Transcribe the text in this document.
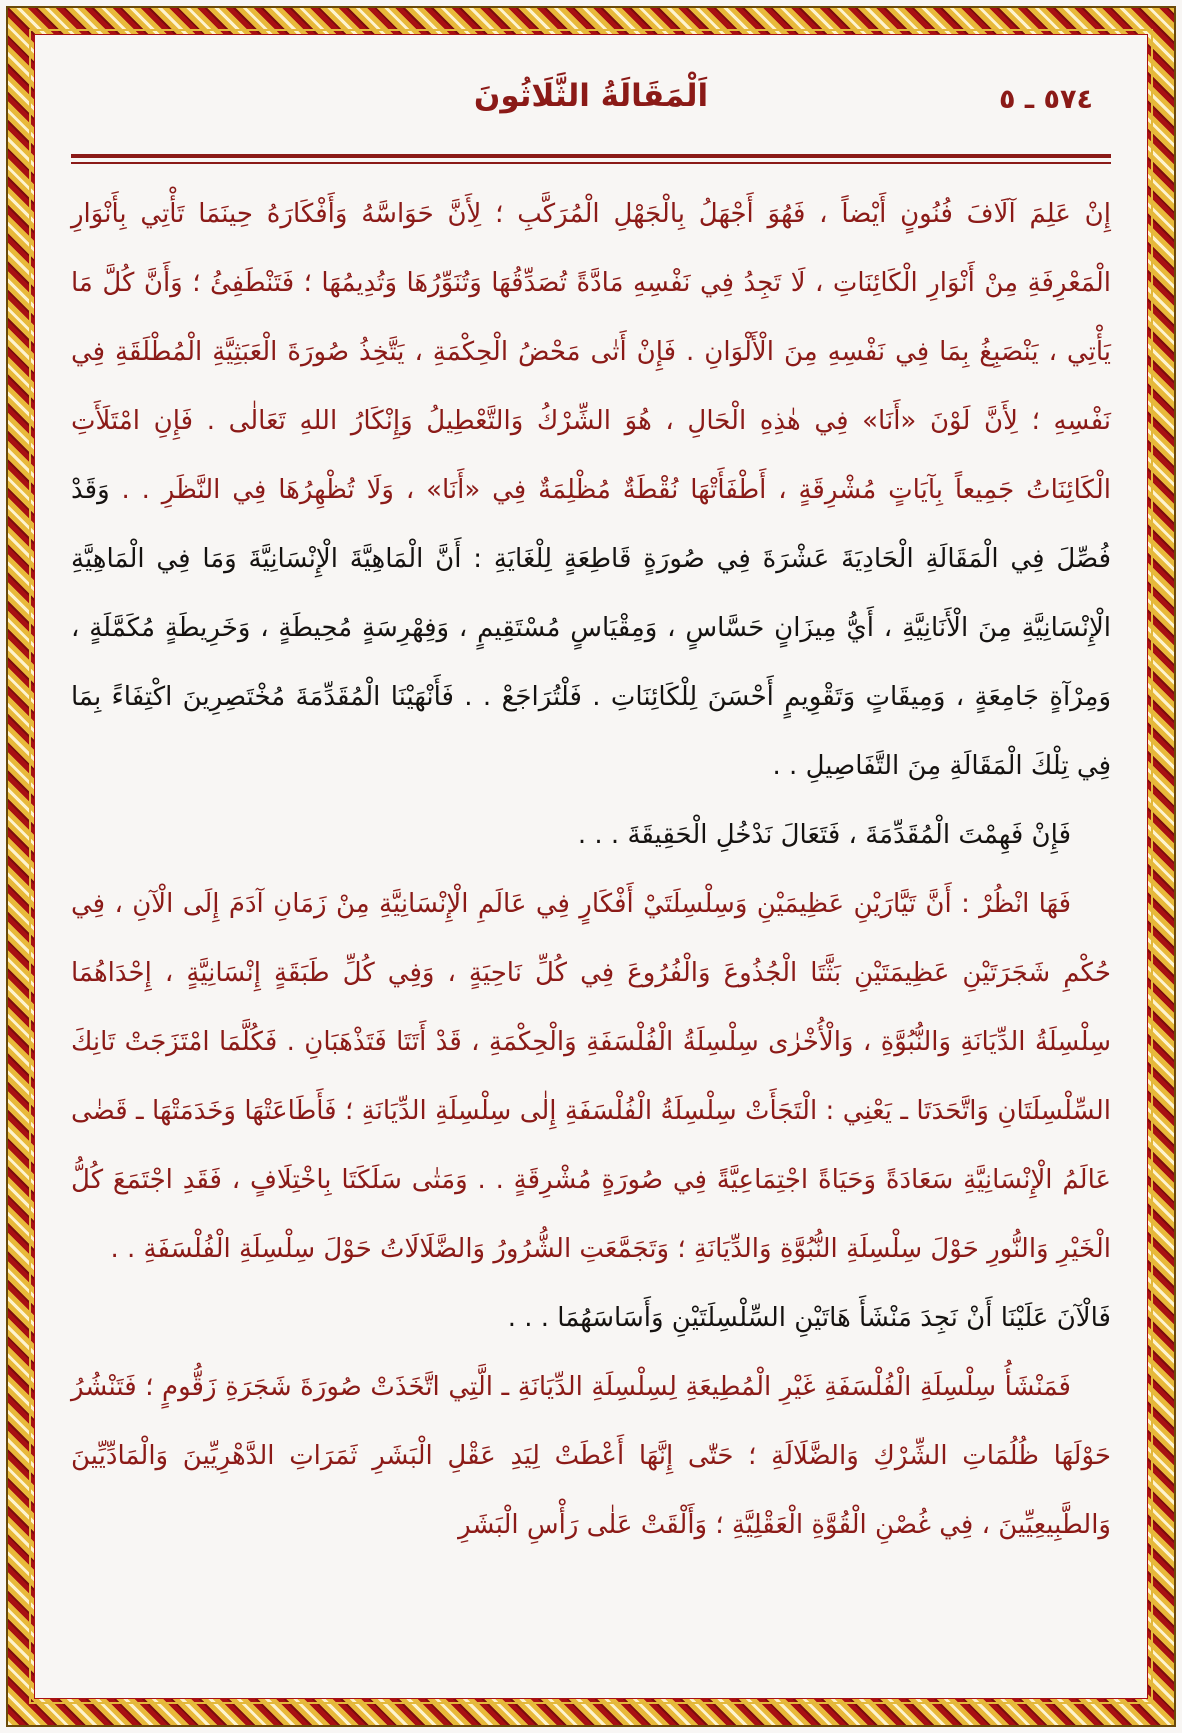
٥٧٤ ـ ٥
اَلْمَقَالَةُ الثَّلَاثُونَ

إِنْ عَلِمَ آلَافَ فُنُونٍ أَيْضاً ، فَهُوَ أَجْهَلُ بِالْجَهْلِ الْمُرَكَّبِ ؛ لِأَنَّ حَوَاسَّهُ وَأَفْكَارَهُ حِينَمَا تَأْتِي بِأَنْوَارِ الْمَعْرِفَةِ مِنْ أَنْوَارِ الْكَائِنَاتِ ، لَا تَجِدُ فِي نَفْسِهِ مَادَّةً تُصَدِّقُهَا وَتُنَوِّرُهَا وَتُدِيمُهَا ؛ فَتَنْطَفِئُ ؛ وَأَنَّ كُلَّ مَا يَأْتِي ، يَنْصَبِغُ بِمَا فِي نَفْسِهِ مِنَ الْأَلْوَانِ . فَإِنْ أَتٰى مَحْضُ الْحِكْمَةِ ، يَتَّخِذُ صُورَةَ الْعَبَثِيَّةِ الْمُطْلَقَةِ فِي نَفْسِهِ ؛ لِأَنَّ لَوْنَ «أَنَا» فِي هٰذِهِ الْحَالِ ، هُوَ الشِّرْكُ وَالتَّعْطِيلُ وَإِنْكَارُ اللهِ تَعَالٰى . فَإِنِ امْتَلَأَتِ الْكَائِنَاتُ جَمِيعاً بِآيَاتٍ مُشْرِقَةٍ ، أَطْفَأَتْهَا نُقْطَةٌ مُظْلِمَةٌ فِي «أَنَا» ، وَلَا تُظْهِرُهَا فِي النَّظَرِ . . وَقَدْ فُصِّلَ فِي الْمَقَالَةِ الْحَادِيَةَ عَشْرَةَ فِي صُورَةٍ قَاطِعَةٍ لِلْغَايَةِ : أَنَّ الْمَاهِيَّةَ الْإِنْسَانِيَّةَ وَمَا فِي الْمَاهِيَّةِ الْإِنْسَانِيَّةِ مِنَ الْأَنَانِيَّةِ ، أَيُّ مِيزَانٍ حَسَّاسٍ ، وَمِقْيَاسٍ مُسْتَقِيمٍ ، وَفِهْرِسَةٍ مُحِيطَةٍ ، وَخَرِيطَةٍ مُكَمَّلَةٍ ، وَمِرْآةٍ جَامِعَةٍ ، وَمِيقَاتٍ وَتَقْوِيمٍ أَحْسَنَ لِلْكَائِنَاتِ . فَلْتُرَاجَعْ . . فَأَنْهَيْنَا الْمُقَدِّمَةَ مُخْتَصِرِينَ اكْتِفَاءً بِمَا فِي تِلْكَ الْمَقَالَةِ مِنَ التَّفَاصِيلِ . .

فَإِنْ فَهِمْتَ الْمُقَدِّمَةَ ، فَتَعَالَ نَدْخُلِ الْحَقِيقَةَ . . .

فَهَا انْظُرْ : أَنَّ تَيَّارَيْنِ عَظِيمَيْنِ وَسِلْسِلَتَيْ أَفْكَارٍ فِي عَالَمِ الْإِنْسَانِيَّةِ مِنْ زَمَانِ آدَمَ إِلَى الْآنِ ، فِي حُكْمِ شَجَرَتَيْنِ عَظِيمَتَيْنِ بَثَّتَا الْجُذُوعَ وَالْفُرُوعَ فِي كُلِّ نَاحِيَةٍ ، وَفِي كُلِّ طَبَقَةٍ إِنْسَانِيَّةٍ ، إِحْدَاهُمَا سِلْسِلَةُ الدِّيَانَةِ وَالنُّبُوَّةِ ، وَالْأُخْرٰى سِلْسِلَةُ الْفُلْسَفَةِ وَالْحِكْمَةِ ، قَدْ أَتَتَا فَتَذْهَبَانِ . فَكُلَّمَا امْتَزَجَتْ تَانِكَ السِّلْسِلَتَانِ وَاتَّحَدَتَا ـ يَعْنِي : الْتَجَأَتْ سِلْسِلَةُ الْفُلْسَفَةِ إِلٰى سِلْسِلَةِ الدِّيَانَةِ ؛ فَأَطَاعَتْهَا وَخَدَمَتْهَا ـ قَضٰى عَالَمُ الْإِنْسَانِيَّةِ سَعَادَةً وَحَيَاةً اجْتِمَاعِيَّةً فِي صُورَةٍ مُشْرِقَةٍ . . وَمَتٰى سَلَكَتَا بِاخْتِلَافٍ ، فَقَدِ اجْتَمَعَ كُلُّ الْخَيْرِ وَالنُّورِ حَوْلَ سِلْسِلَةِ النُّبُوَّةِ وَالدِّيَانَةِ ؛ وَتَجَمَّعَتِ الشُّرُورُ وَالضَّلَالَاتُ حَوْلَ سِلْسِلَةِ الْفُلْسَفَةِ . .

فَالْآنَ عَلَيْنَا أَنْ نَجِدَ مَنْشَأَ هَاتَيْنِ السِّلْسِلَتَيْنِ وَأَسَاسَهُمَا . . .

فَمَنْشَأُ سِلْسِلَةِ الْفُلْسَفَةِ غَيْرِ الْمُطِيعَةِ لِسِلْسِلَةِ الدِّيَانَةِ ـ الَّتِي اتَّخَذَتْ صُورَةَ شَجَرَةِ زَقُّومٍ ؛ فَتَنْشُرُ حَوْلَهَا ظُلُمَاتِ الشِّرْكِ وَالضَّلَالَةِ ؛ حَتّٰى إِنَّهَا أَعْطَتْ لِيَدِ عَقْلِ الْبَشَرِ ثَمَرَاتِ الدَّهْرِيِّينَ وَالْمَادِّيِّينَ وَالطَّبِيعِيِّينَ ، فِي غُصْنِ الْقُوَّةِ الْعَقْلِيَّةِ ؛ وَأَلْقَتْ عَلٰى رَأْسِ الْبَشَرِ
